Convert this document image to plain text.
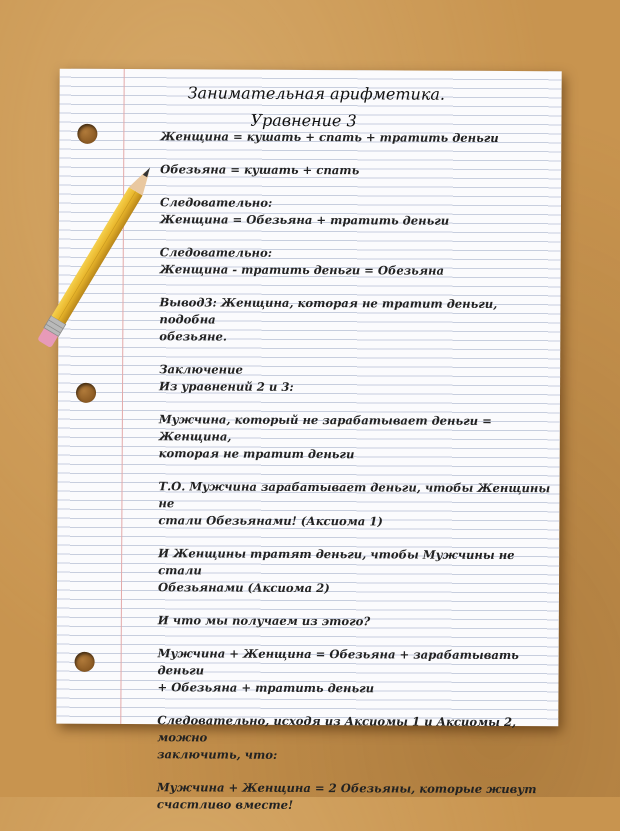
Занимательная арифметика.
Уравнение 3

Женщина = кушать + спать + тратить деньги

Обезьяна = кушать + спать

Следовательно:
Женщина = Обезьяна + тратить деньги

Следовательно:
Женщина - тратить деньги = Обезьяна

Вывод3: Женщина, которая не тратит деньги, подобна
обезьяне.

Заключение
Из уравнений 2 и 3:

Мужчина, который не зарабатывает деньги = Женщина,
которая не тратит деньги

Т.О. Мужчина зарабатывает деньги, чтобы Женщины не
стали Обезьянами! (Аксиома 1)

И Женщины тратят деньги, чтобы Мужчины не стали
Обезьянами (Аксиома 2)

И что мы получаем из этого?

Мужчина + Женщина = Обезьяна + зарабатывать деньги
+ Обезьяна + тратить деньги

Следовательно, исходя из Аксиомы 1 и Аксиомы 2, можно
заключить, что:

Мужчина + Женщина = 2 Обезьяны, которые живут
счастливо вместе!
